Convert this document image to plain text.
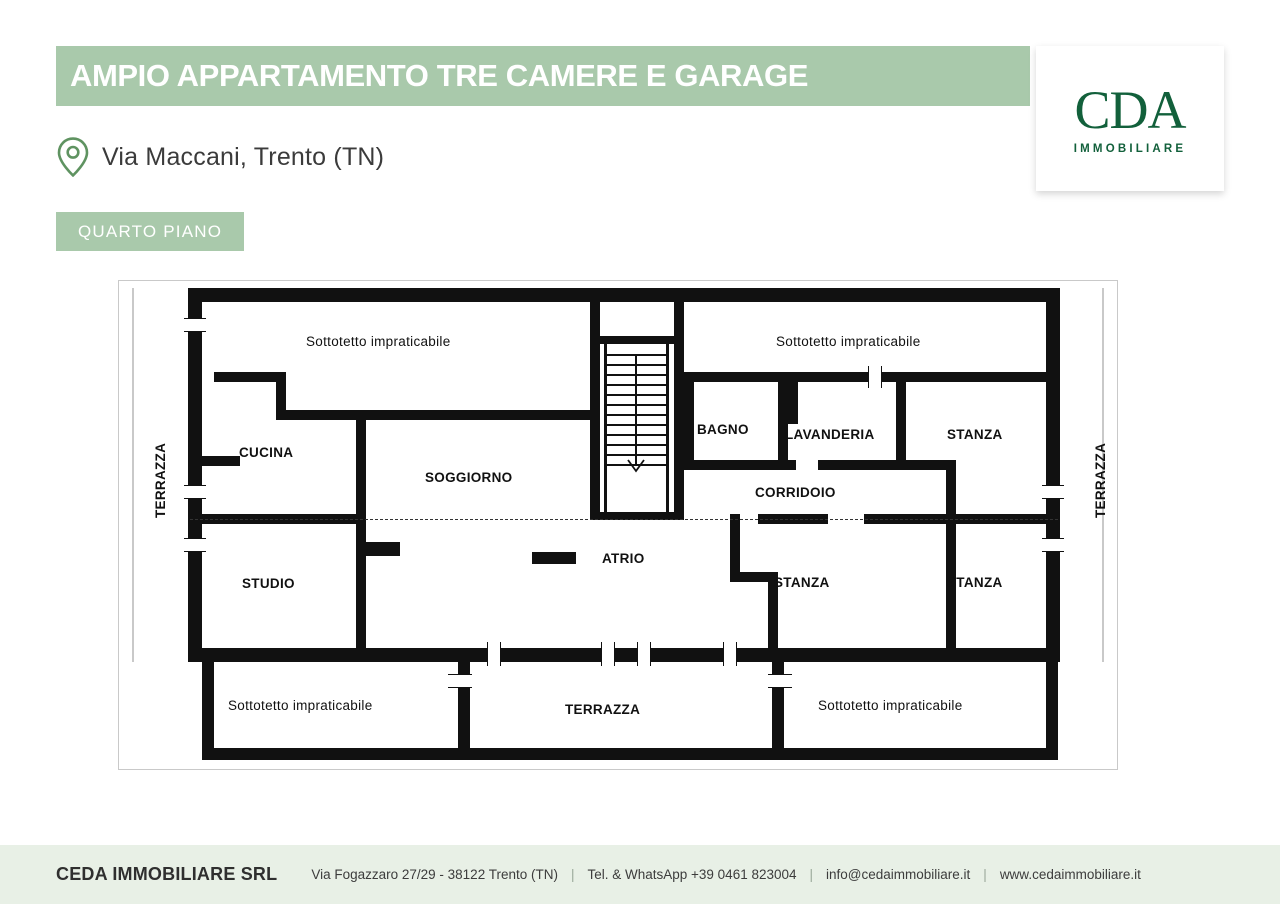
AMPIO APPARTAMENTO TRE CAMERE E GARAGE
CDA
IMMOBILIARE
Via Maccani, Trento (TN)
QUARTO PIANO
Sottotetto impraticabile	Sottotetto impraticabile
CUCINA
SOGGIORNO
STUDIO
ATRIO
BAGNO	LAVANDERIA	STANZA
CORRIDOIO
STANZA	STANZA
TERRAZZA	TERRAZZA
Sottotetto impraticabile	TERRAZZA	Sottotetto impraticabile
CEDA IMMOBILIARE SRL	Via Fogazzaro 27/29 - 38122 Trento (TN) | Tel. & WhatsApp +39 0461 823004 | info@cedaimmobiliare.it | www.cedaimmobiliare.it
